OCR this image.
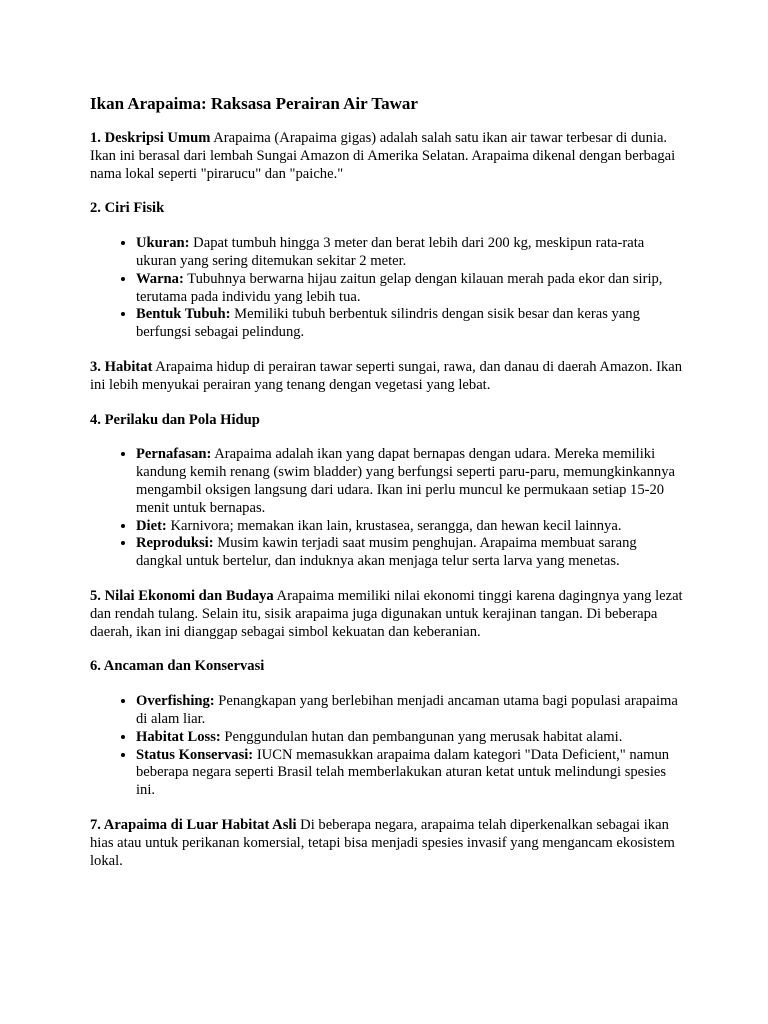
Ikan Arapaima: Raksasa Perairan Air Tawar

1. Deskripsi Umum Arapaima (Arapaima gigas) adalah salah satu ikan air tawar terbesar di dunia. Ikan ini berasal dari lembah Sungai Amazon di Amerika Selatan. Arapaima dikenal dengan berbagai nama lokal seperti "pirarucu" dan "paiche."

2. Ciri Fisik

• Ukuran: Dapat tumbuh hingga 3 meter dan berat lebih dari 200 kg, meskipun rata-rata ukuran yang sering ditemukan sekitar 2 meter.
• Warna: Tubuhnya berwarna hijau zaitun gelap dengan kilauan merah pada ekor dan sirip, terutama pada individu yang lebih tua.
• Bentuk Tubuh: Memiliki tubuh berbentuk silindris dengan sisik besar dan keras yang berfungsi sebagai pelindung.

3. Habitat Arapaima hidup di perairan tawar seperti sungai, rawa, dan danau di daerah Amazon. Ikan ini lebih menyukai perairan yang tenang dengan vegetasi yang lebat.

4. Perilaku dan Pola Hidup

• Pernafasan: Arapaima adalah ikan yang dapat bernapas dengan udara. Mereka memiliki kandung kemih renang (swim bladder) yang berfungsi seperti paru-paru, memungkinkannya mengambil oksigen langsung dari udara. Ikan ini perlu muncul ke permukaan setiap 15-20 menit untuk bernapas.
• Diet: Karnivora; memakan ikan lain, krustasea, serangga, dan hewan kecil lainnya.
• Reproduksi: Musim kawin terjadi saat musim penghujan. Arapaima membuat sarang dangkal untuk bertelur, dan induknya akan menjaga telur serta larva yang menetas.

5. Nilai Ekonomi dan Budaya Arapaima memiliki nilai ekonomi tinggi karena dagingnya yang lezat dan rendah tulang. Selain itu, sisik arapaima juga digunakan untuk kerajinan tangan. Di beberapa daerah, ikan ini dianggap sebagai simbol kekuatan dan keberanian.

6. Ancaman dan Konservasi

• Overfishing: Penangkapan yang berlebihan menjadi ancaman utama bagi populasi arapaima di alam liar.
• Habitat Loss: Penggundulan hutan dan pembangunan yang merusak habitat alami.
• Status Konservasi: IUCN memasukkan arapaima dalam kategori "Data Deficient," namun beberapa negara seperti Brasil telah memberlakukan aturan ketat untuk melindungi spesies ini.

7. Arapaima di Luar Habitat Asli Di beberapa negara, arapaima telah diperkenalkan sebagai ikan hias atau untuk perikanan komersial, tetapi bisa menjadi spesies invasif yang mengancam ekosistem lokal.
